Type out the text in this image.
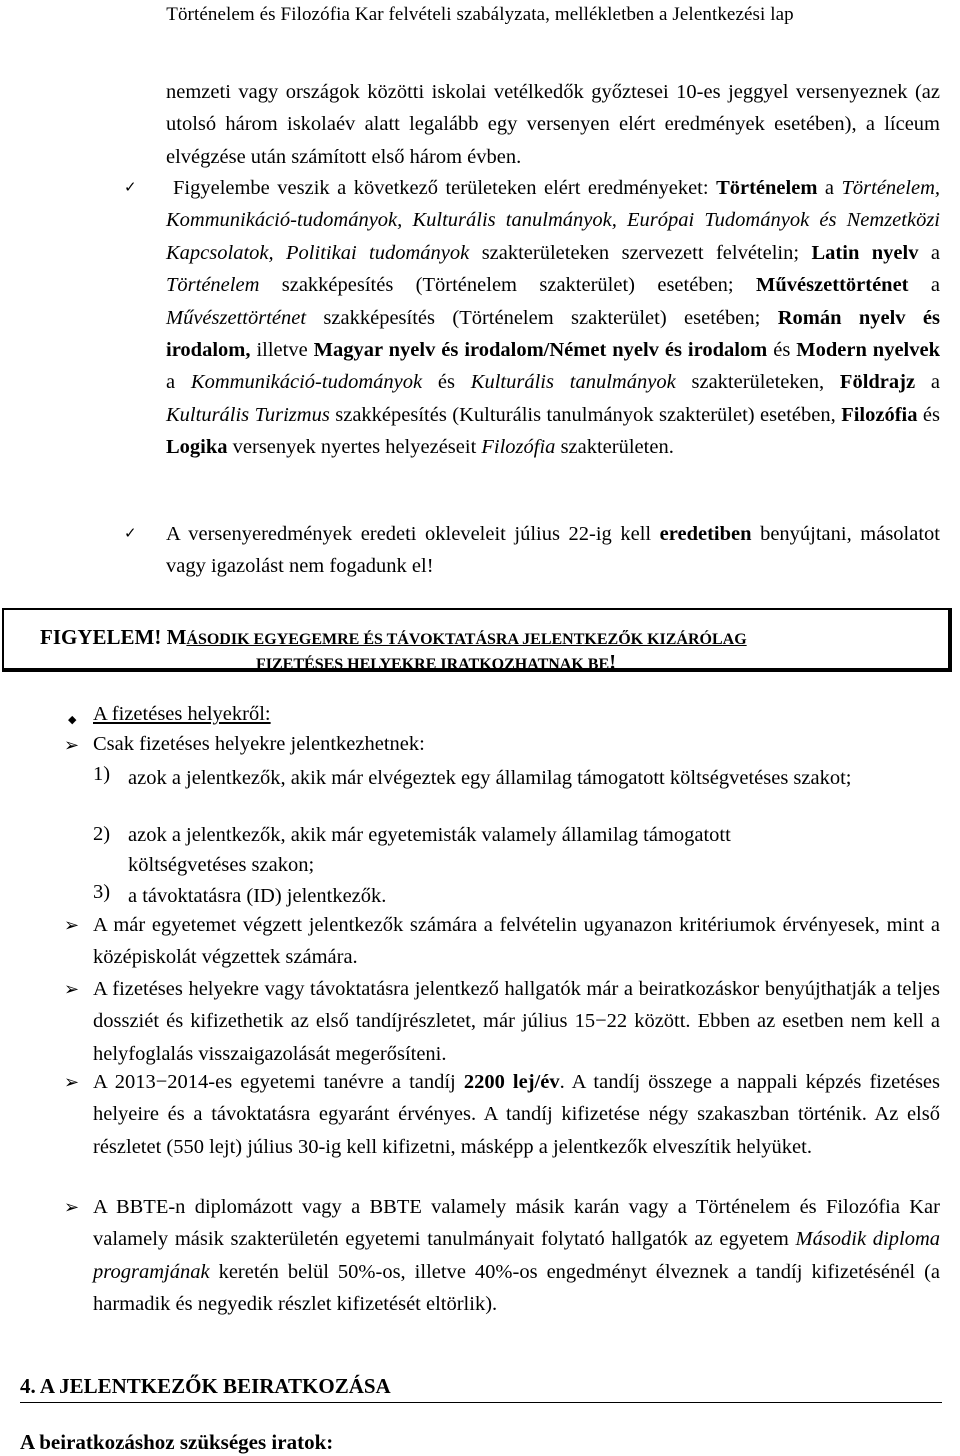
Történelem és Filozófia Kar felvételi szabályzata, mellékletben a Jelentkezési lap
nemzeti vagy országok közötti iskolai vetélkedők győztesei 10-es jeggyel versenyeznek (az utolsó három iskolaév alatt legalább egy versenyen elért eredmények esetében), a líceum elvégzése után számított első három évben.
✓	Figyelembe veszik a következő területeken elért eredményeket: Történelem a Történelem, Kommunikáció-tudományok, Kulturális tanulmányok, Európai Tudományok és Nemzetközi Kapcsolatok, Politikai tudományok szakterületeken szervezett felvételin; Latin nyelv a Történelem szakképesítés (Történelem szakterület) esetében; Művészettörténet a Művészettörténet szakképesítés (Történelem szakterület) esetében; Román nyelv és irodalom, illetve Magyar nyelv és irodalom/Német nyelv és irodalom és Modern nyelvek a Kommunikáció-tudományok és Kulturális tanulmányok szakterületeken, Földrajz a Kulturális Turizmus szakképesítés (Kulturális tanulmányok szakterület) esetében, Filozófia és Logika versenyek nyertes helyezéseit Filozófia szakterületen.
✓ A versenyeredmények eredeti okleveleit július 22-ig kell eredetiben benyújtani, másolatot vagy igazolást nem fogadunk el!
FIGYELEM! MÁSODIK EGYEGEMRE ÉS TÁVOKTATÁSRA JELENTKEZŐK KIZÁRÓLAG
FIZETÉSES HELYEKRE IRATKOZHATNAK BE!
◆ A fizetéses helyekről:
➢ Csak fizetéses helyekre jelentkezhetnek:
1) azok a jelentkezők, akik már elvégeztek egy államilag támogatott költségvetéses szakot;
2) azok a jelentkezők, akik már egyetemisták valamely államilag támogatott költségvetéses szakon;
3) a távoktatásra (ID) jelentkezők.
➢ A már egyetemet végzett jelentkezők számára a felvételin ugyanazon kritériumok érvényesek, mint a középiskolát végzettek számára.
➢ A fizetéses helyekre vagy távoktatásra jelentkező hallgatók már a beiratkozáskor benyújthatják a teljes dossziét és kifizethetik az első tandíjrészletet, már július 15−22 között. Ebben az esetben nem kell a helyfoglalás visszaigazolását megerősíteni.
➢ A 2013−2014-es egyetemi tanévre a tandíj 2200 lej/év. A tandíj összege a nappali képzés fizetéses helyeire és a távoktatásra egyaránt érvényes. A tandíj kifizetése négy szakaszban történik. Az első részletet (550 lejt) július 30-ig kell kifizetni, másképp a jelentkezők elveszítik helyüket.
➢ A BBTE-n diplomázott vagy a BBTE valamely másik karán vagy a Történelem és Filozófia Kar valamely másik szakterületén egyetemi tanulmányait folytató hallgatók az egyetem Második diploma programjának keretén belül 50%-os, illetve 40%-os engedményt élveznek a tandíj kifizetésénél (a harmadik és negyedik részlet kifizetését eltörlik).
4. A JELENTKEZŐK BEIRATKOZÁSA
A beiratkozáshoz szükséges iratok:
